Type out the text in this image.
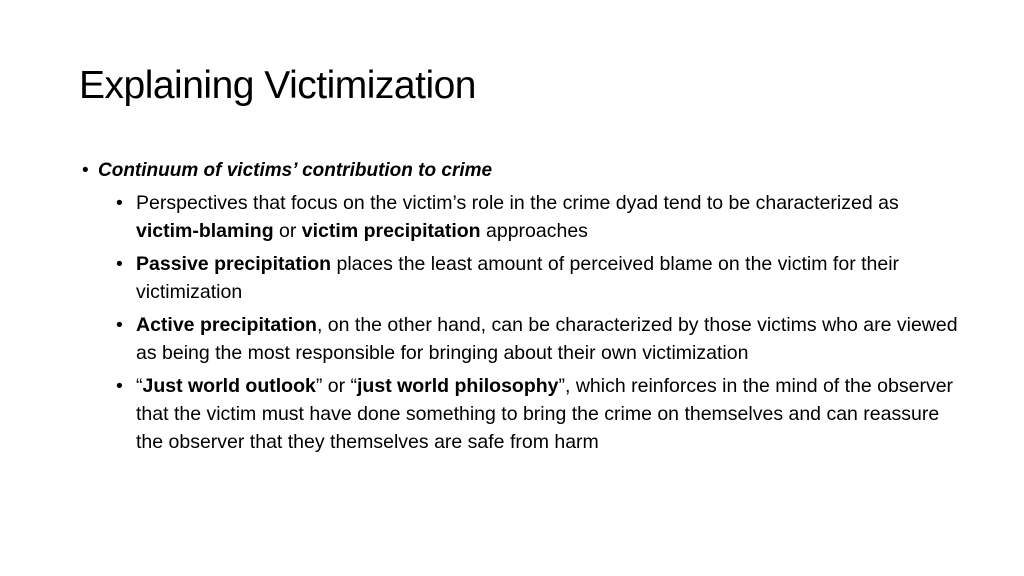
Explaining Victimization
• Continuum of victims’ contribution to crime
• Perspectives that focus on the victim’s role in the crime dyad tend to be characterized as victim-blaming or victim precipitation approaches
• Passive precipitation places the least amount of perceived blame on the victim for their victimization
• Active precipitation, on the other hand, can be characterized by those victims who are viewed as being the most responsible for bringing about their own victimization
• “Just world outlook” or “just world philosophy”, which reinforces in the mind of the observer that the victim must have done something to bring the crime on themselves and can reassure the observer that they themselves are safe from harm
